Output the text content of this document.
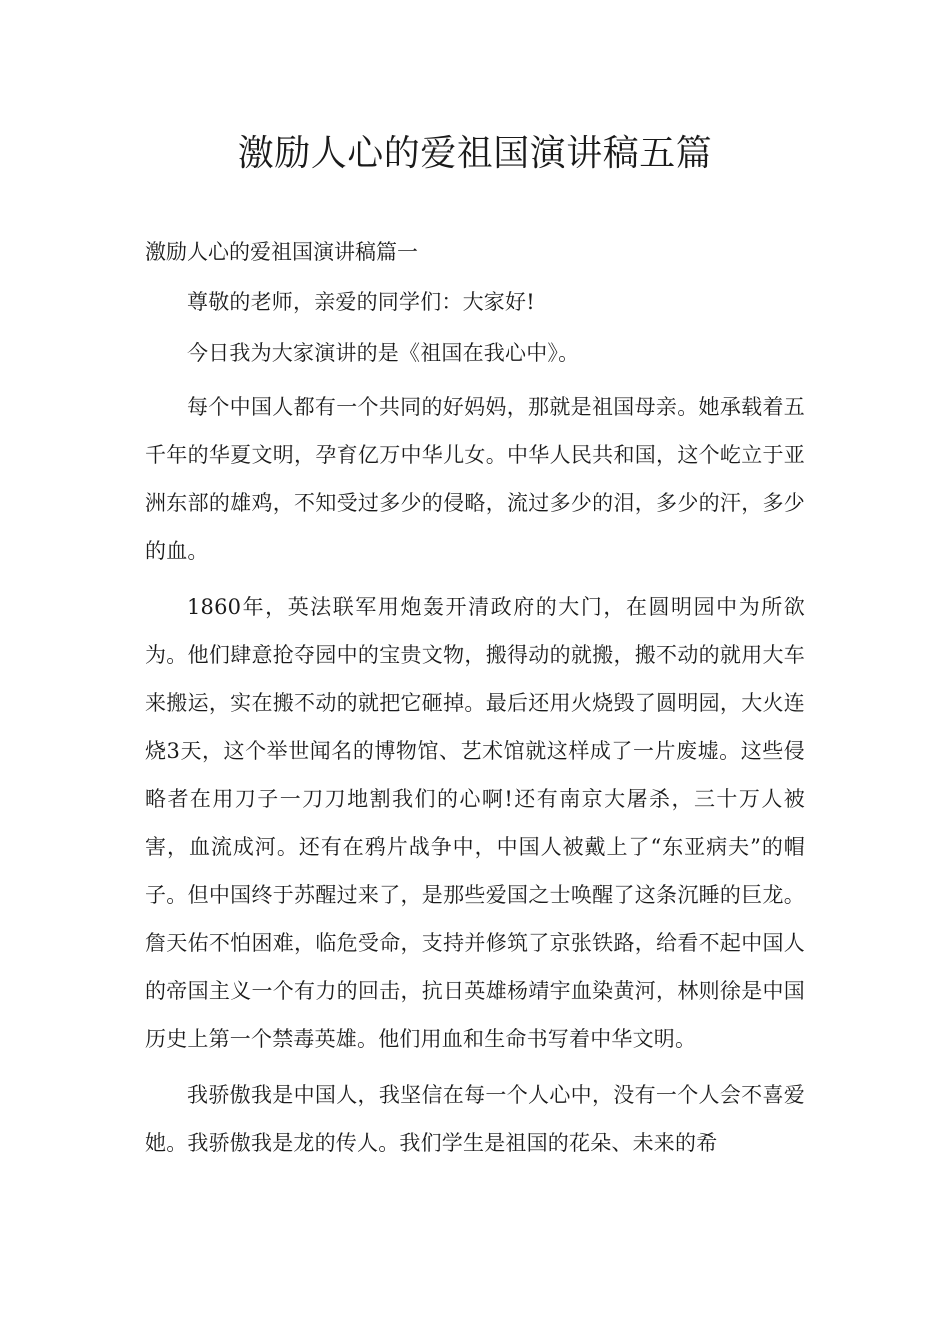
激励人心的爱祖国演讲稿五篇

激励人心的爱祖国演讲稿篇一

尊敬的老师，亲爱的同学们：大家好!

今日我为大家演讲的是《祖国在我心中》。

每个中国人都有一个共同的好妈妈，那就是祖国母亲。她承载着五千年的华夏文明，孕育亿万中华儿女。中华人民共和国，这个屹立于亚洲东部的雄鸡，不知受过多少的侵略，流过多少的泪，多少的汗，多少的血。

1860年，英法联军用炮轰开清政府的大门，在圆明园中为所欲为。他们肆意抢夺园中的宝贵文物，搬得动的就搬，搬不动的就用大车来搬运，实在搬不动的就把它砸掉。最后还用火烧毁了圆明园，大火连烧3天，这个举世闻名的博物馆、艺术馆就这样成了一片废墟。这些侵略者在用刀子一刀刀地割我们的心啊!还有南京大屠杀，三十万人被害，血流成河。还有在鸦片战争中，中国人被戴上了“东亚病夫”的帽子。但中国终于苏醒过来了，是那些爱国之士唤醒了这条沉睡的巨龙。詹天佑不怕困难，临危受命，支持并修筑了京张铁路，给看不起中国人的帝国主义一个有力的回击，抗日英雄杨靖宇血染黄河，林则徐是中国历史上第一个禁毒英雄。他们用血和生命书写着中华文明。

我骄傲我是中国人，我坚信在每一个人心中，没有一个人会不喜爱她。我骄傲我是龙的传人。我们学生是祖国的花朵、未来的希
